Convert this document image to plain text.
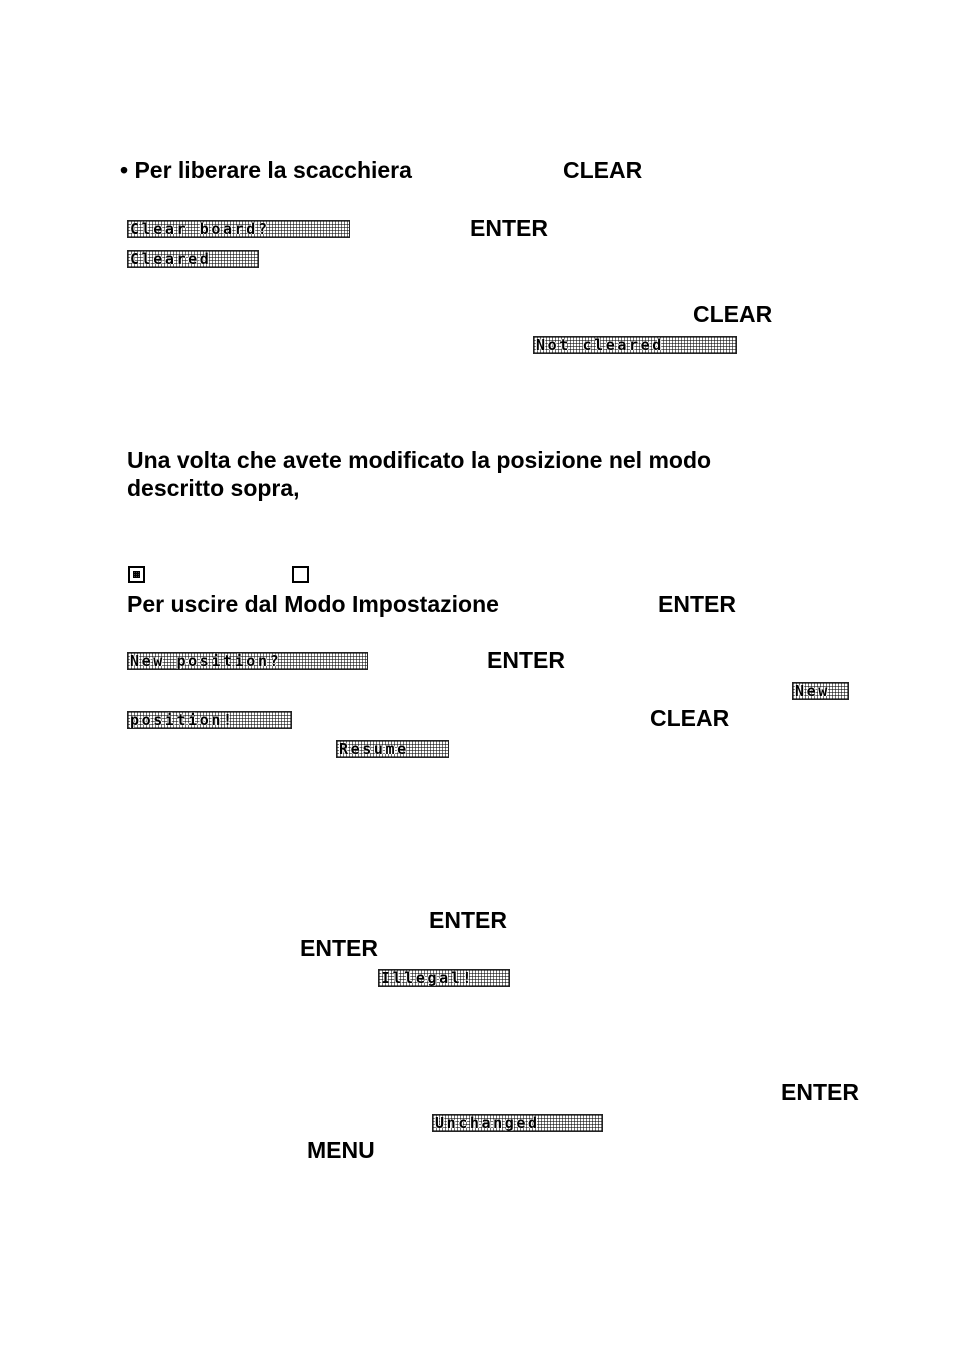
• Per liberare la scacchiera	CLEAR
Clear board?	ENTER
Cleared
CLEAR
Not cleared
Una volta che avete modificato la posizione nel modo
descritto sopra,
Per uscire dal Modo Impostazione	ENTER
New position?	ENTER
New
position!	CLEAR
Resume
ENTER
ENTER
Illegal!
ENTER
Unchanged
MENU
